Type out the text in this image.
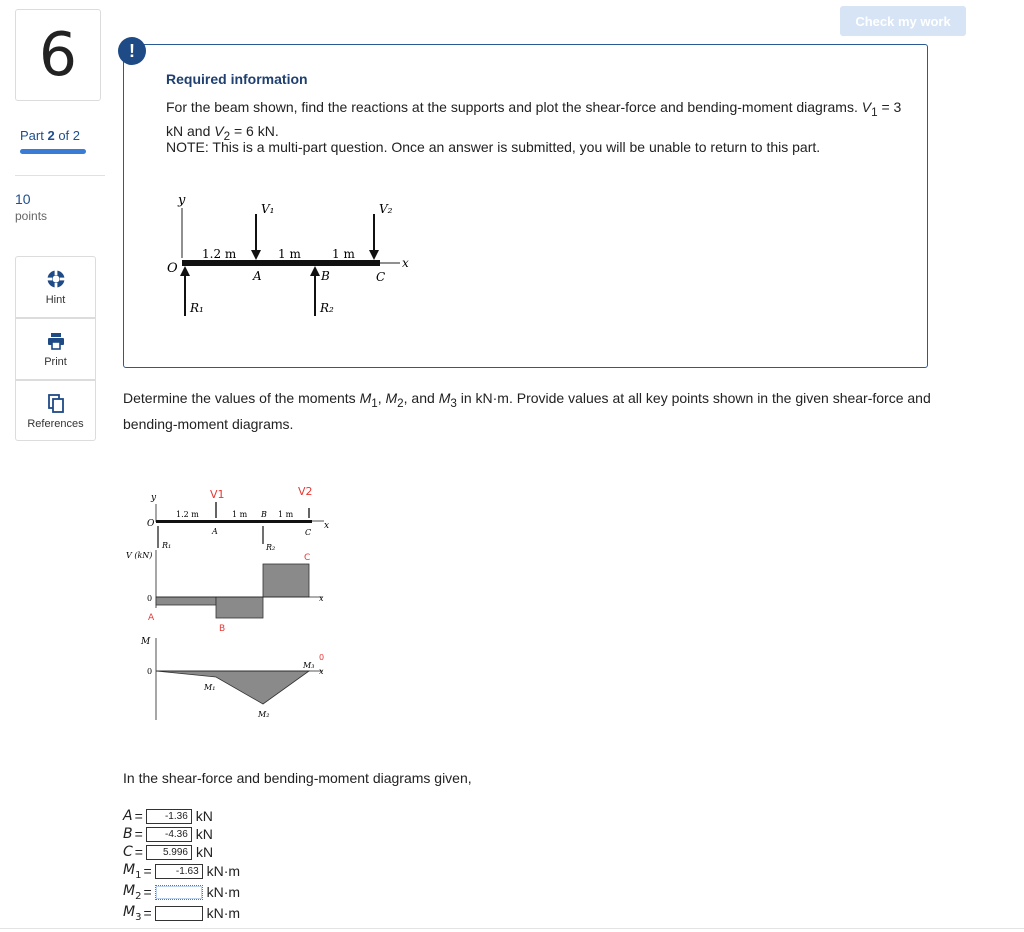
6
Part 2 of 2
10
points
Hint
Print
References
Check my work
!
Required information
For the beam shown, find the reactions at the supports and plot the shear-force and bending-moment diagrams. $V_1 = 3$ kN and $V_2 = 6$ kN.
NOTE: This is a multi-part question. Once an answer is submitted, you will be unable to return to this part.
y
x
O
V₁	V₂
1.2 m	1 m	1 m
A	B	C
R₁	R₂
Determine the values of the moments $M_1$, $M_2$, and $M_3$ in kN·m. Provide values at all key points shown in the given shear-force and bending-moment diagrams.
V1	V2
y
O	x
1.2 m	1 m	1 m
B
A	C
R₁	R₂
C
V (kN)
0	x
A
B
M
0	x
M₁
M₂
M₃
0
In the shear-force and bending-moment diagrams given,
A =
-1.36	kN
B =
-4.36	kN
C =
5.996	kN
$M_1$ =
-1.63	kN·m
$M_2$ =	kN·m
$M_3$ =	kN·m
